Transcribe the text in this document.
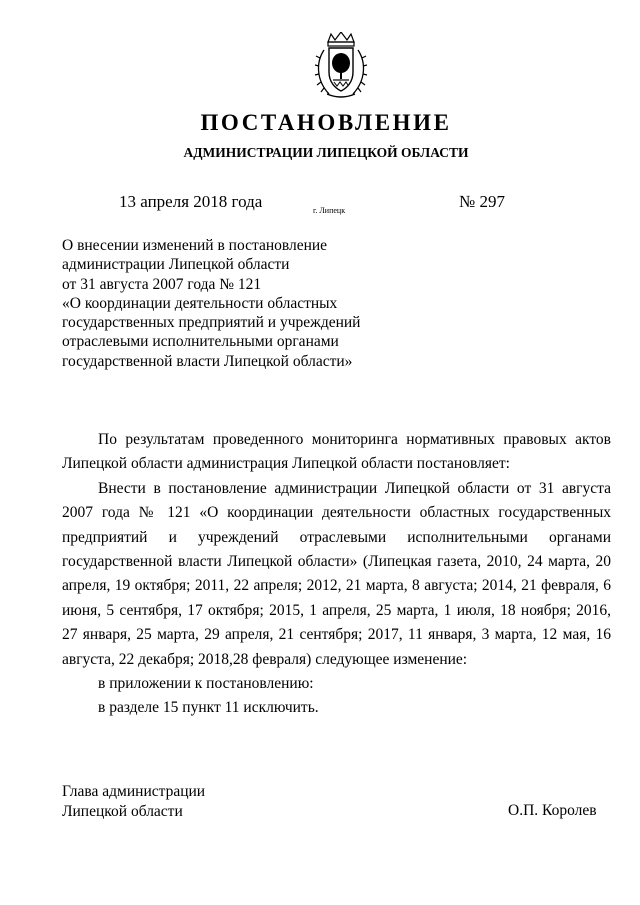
ПОСТАНОВЛЕНИЕ
АДМИНИСТРАЦИИ ЛИПЕЦКОЙ ОБЛАСТИ
13 апреля 2018 года	г. Липецк	№ 297
О внесении изменений в постановление
администрации Липецкой области
от 31 августа 2007 года № 121
«О координации деятельности областных
государственных предприятий и учреждений
отраслевыми исполнительными органами
государственной власти Липецкой области»

По результатам проведенного мониторинга нормативных правовых актов Липецкой области администрация Липецкой области постановляет:

Внести в постановление администрации Липецкой области от 31 августа 2007 года № 121 «О координации деятельности областных государственных предприятий и учреждений отраслевыми исполнительными органами государственной власти Липецкой области» (Липецкая газета, 2010, 24 марта, 20 апреля, 19 октября; 2011, 22 апреля; 2012, 21 марта, 8 августа; 2014, 21 февраля, 6 июня, 5 сентября, 17 октября; 2015, 1 апреля, 25 марта, 1 июля, 18 ноября; 2016, 27 января, 25 марта, 29 апреля, 21 сентября; 2017, 11 января, 3 марта, 12 мая, 16 августа, 22 декабря; 2018,28 февраля) следующее изменение:

в приложении к постановлению:

в разделе 15 пункт 11 исключить.

Глава администрации
Липецкой области	О.П. Королев
